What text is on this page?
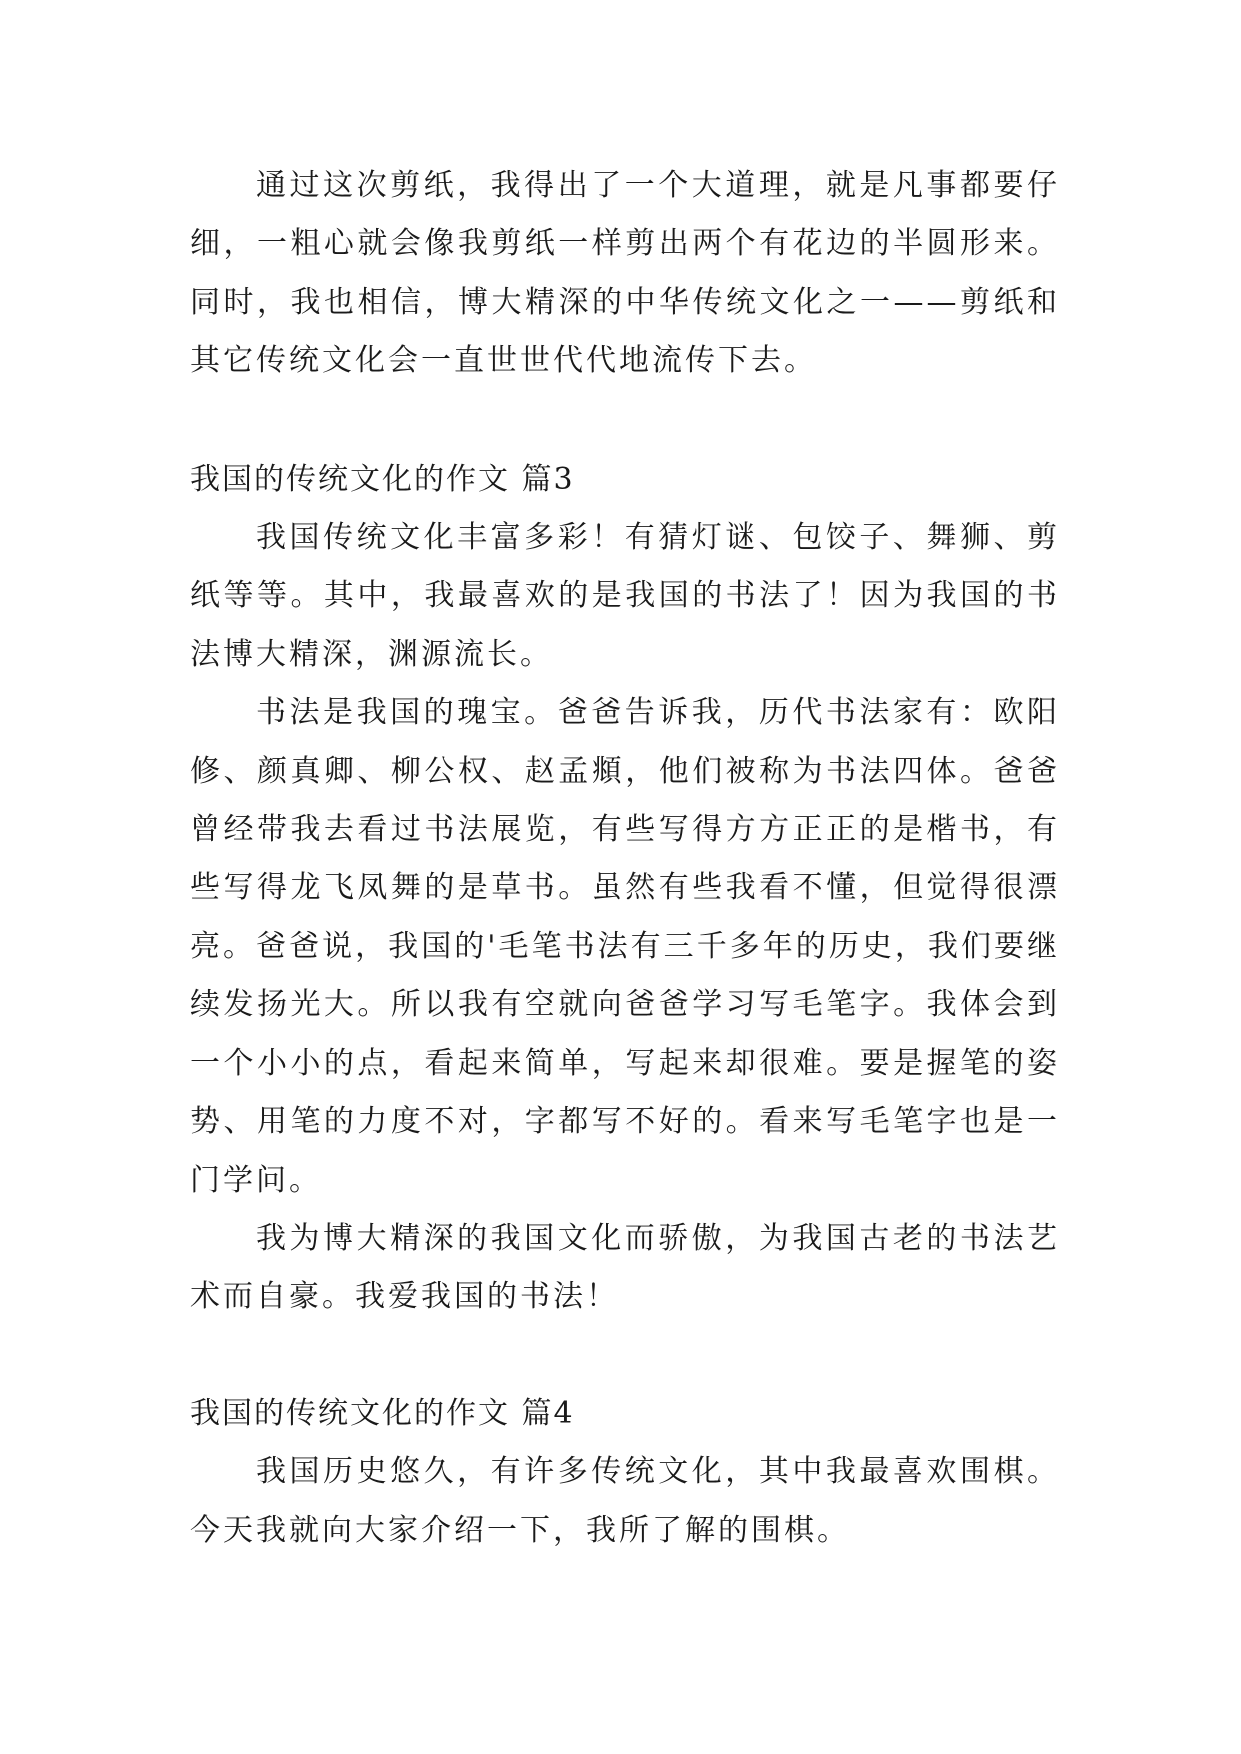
通过这次剪纸，我得出了一个大道理，就是凡事都要仔细，一粗心就会像我剪纸一样剪出两个有花边的半圆形来。同时，我也相信，博大精深的中华传统文化之一——剪纸和其它传统文化会一直世世代代地流传下去。

我国的传统文化的作文 篇3

我国传统文化丰富多彩！有猜灯谜、包饺子、舞狮、剪纸等等。其中，我最喜欢的是我国的书法了！因为我国的书法博大精深，渊源流长。

书法是我国的瑰宝。爸爸告诉我，历代书法家有：欧阳修、颜真卿、柳公权、赵孟頫，他们被称为书法四体。爸爸曾经带我去看过书法展览，有些写得方方正正的是楷书，有些写得龙飞凤舞的是草书。虽然有些我看不懂，但觉得很漂亮。爸爸说，我国的'毛笔书法有三千多年的历史，我们要继续发扬光大。所以我有空就向爸爸学习写毛笔字。我体会到一个小小的点，看起来简单，写起来却很难。要是握笔的姿势、用笔的力度不对，字都写不好的。看来写毛笔字也是一门学问。

我为博大精深的我国文化而骄傲，为我国古老的书法艺术而自豪。我爱我国的书法！

我国的传统文化的作文 篇4

我国历史悠久，有许多传统文化，其中我最喜欢围棋。今天我就向大家介绍一下，我所了解的围棋。
